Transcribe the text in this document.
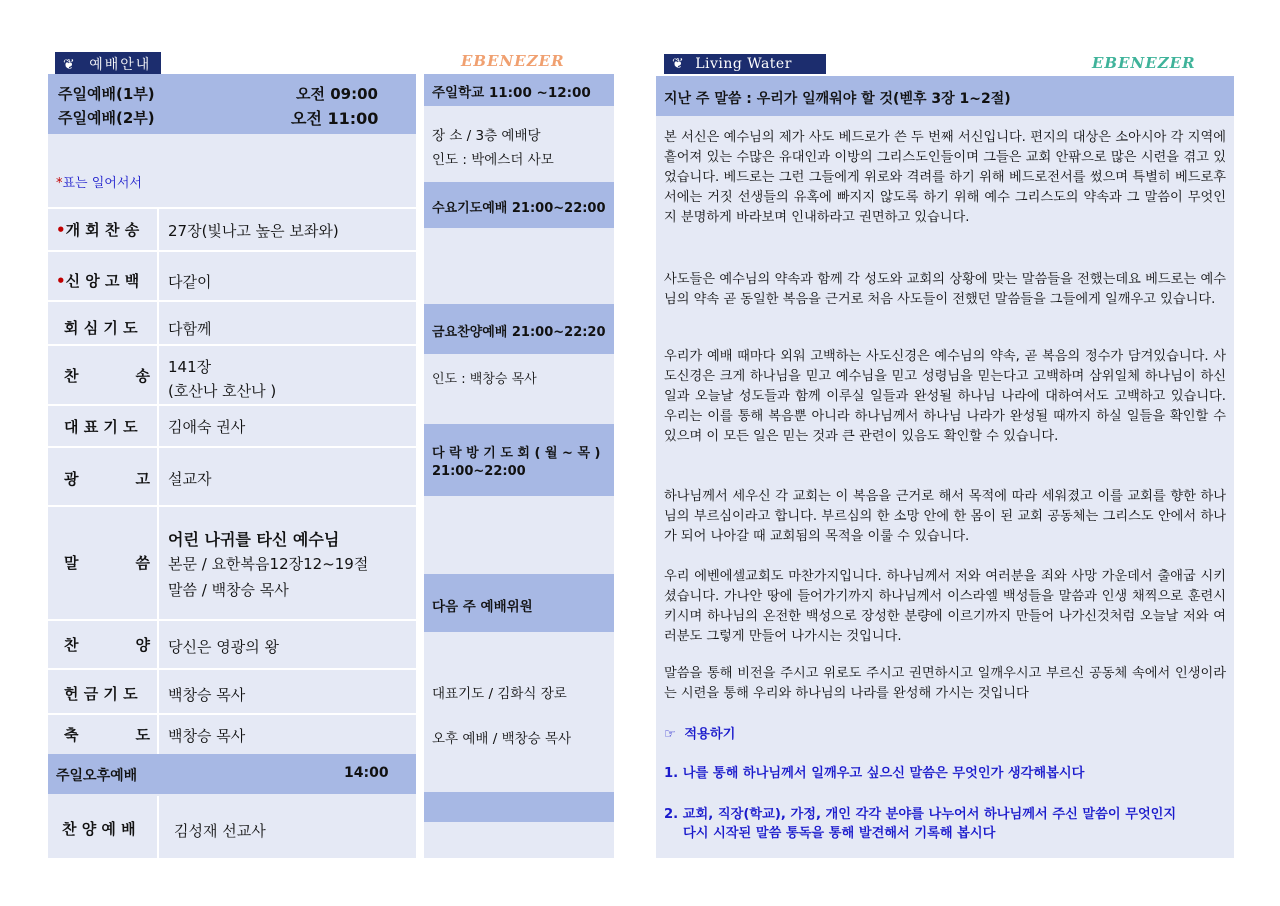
❦ 예배안내
주일예배(1부)	오전 09:00
주일예배(2부)	오전 11:00
*표는 일어서서
•개 회 찬 송 27장(빛나고 높은 보좌와)
•신 앙 고 백 다같이
회 심 기 도 다함께
찬	송 141장
(호산나 호산나 )
대 표 기 도 김애숙 권사
광	고 설교자
말	씀
어린 나귀를 타신 예수님
본문 / 요한복음12장12~19절
말씀 / 백창승 목사
찬	양 당신은 영광의 왕
헌 금 기 도 백창승 목사
축	도 백창승 목사
주일오후예배	14:00
찬 양 예 배	김성재 선교사
EBENEZER
주일학교 11:00 ~12:00
장 소 / 3층 예배당
인도 : 박에스더 사모
수요기도예배 21:00~22:00
금요찬양예배 21:00~22:20
인도 : 백창승 목사
다 락 방 기 도 회 ( 월 ~ 목 )
21:00~22:00
다음 주 예배위원
대표기도 / 김화식 장로
오후 예배 / 백창승 목사
❦ Living Water	EBENEZER
지난 주 말씀 : 우리가 일깨워야 할 것(벧후 3장 1~2절)
본 서신은 예수님의 제가 사도 베드로가 쓴 두 번째 서신입니다. 편지의 대상은 소아시아 각 지역에 흩어져 있는 수많은 유대인과 이방의 그리스도인들이며 그들은 교회 안팎으로 많은 시련을 겪고 있었습니다. 베드로는 그런 그들에게 위로와 격려를 하기 위해 베드로전서를 썼으며 특별히 베드로후서에는 거짓 선생들의 유혹에 빠지지 않도록 하기 위해 예수 그리스도의 약속과 그 말씀이 무엇인지 분명하게 바라보며 인내하라고 권면하고 있습니다.
사도들은 예수님의 약속과 함께 각 성도와 교회의 상황에 맞는 말씀들을 전했는데요 베드로는 예수님의 약속 곧 동일한 복음을 근거로 처음 사도들이 전했던 말씀들을 그들에게 일깨우고 있습니다.
우리가 예배 때마다 외워 고백하는 사도신경은 예수님의 약속, 곧 복음의 정수가 담겨있습니다. 사도신경은 크게 하나님을 믿고 예수님을 믿고 성령님을 믿는다고 고백하며 삼위일체 하나님이 하신 일과 오늘날 성도들과 함께 이루실 일들과 완성될 하나님 나라에 대하여서도 고백하고 있습니다. 우리는 이를 통해 복음뿐 아니라 하나님께서 하나님 나라가 완성될 때까지 하실 일들을 확인할 수 있으며 이 모든 일은 믿는 것과 큰 관련이 있음도 확인할 수 있습니다.
하나님께서 세우신 각 교회는 이 복음을 근거로 해서 목적에 따라 세워졌고 이를 교회를 향한 하나님의 부르심이라고 합니다. 부르심의 한 소망 안에 한 몸이 된 교회 공동체는 그리스도 안에서 하나가 되어 나아갈 때 교회됨의 목적을 이룰 수 있습니다.
우리 에벤에셀교회도 마찬가지입니다. 하나님께서 저와 여러분을 죄와 사망 가운데서 출애굽 시키셨습니다. 가나안 땅에 들어가기까지 하나님께서 이스라엘 백성들을 말씀과 인생 채찍으로 훈련시키시며 하나님의 온전한 백성으로 장성한 분량에 이르기까지 만들어 나가신것처럼 오늘날 저와 여러분도 그렇게 만들어 나가시는 것입니다.
말씀을 통해 비전을 주시고 위로도 주시고 권면하시고 일깨우시고 부르신 공동체 속에서 인생이라는 시련을 통해 우리와 하나님의 나라를 완성해 가시는 것입니다
☞ 적용하기
1. 나를 통해 하나님께서 일깨우고 싶으신 말씀은 무엇인가 생각해봅시다
2. 교회, 직장(학교), 가정, 개인 각각 분야를 나누어서 하나님께서 주신 말씀이 무엇인지
다시 시작된 말씀 통독을 통해 발견해서 기록해 봅시다
